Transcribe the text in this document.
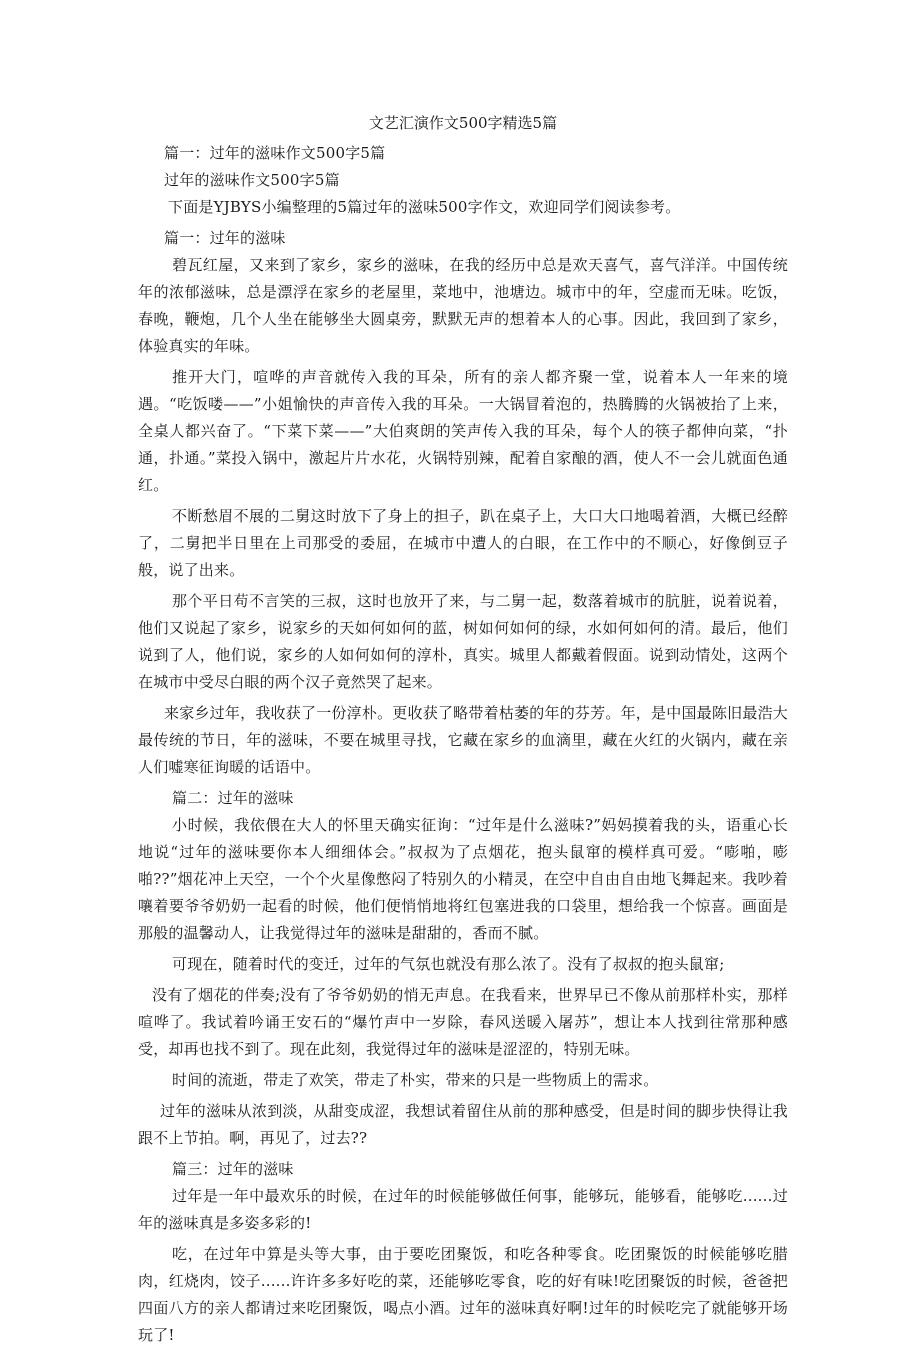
文艺汇演作文500字精选5篇

篇一：过年的滋味作文500字5篇

过年的滋味作文500字5篇

下面是YJBYS小编整理的5篇过年的滋味500字作文，欢迎同学们阅读参考。

篇一：过年的滋味

碧瓦红屋，又来到了家乡，家乡的滋味，在我的经历中总是欢天喜气，喜气洋洋。中国传统年的浓郁滋味，总是漂浮在家乡的老屋里，菜地中，池塘边。城市中的年，空虚而无味。吃饭，春晚，鞭炮，几个人坐在能够坐大圆桌旁，默默无声的想着本人的心事。因此，我回到了家乡，体验真实的年味。

推开大门，喧哗的声音就传入我的耳朵，所有的亲人都齐聚一堂，说着本人一年来的境遇。“吃饭喽——”小姐愉快的声音传入我的耳朵。一大锅冒着泡的，热腾腾的火锅被抬了上来，全桌人都兴奋了。“下菜下菜——”大伯爽朗的笑声传入我的耳朵，每个人的筷子都伸向菜，“扑通，扑通。”菜投入锅中，激起片片水花，火锅特别辣，配着自家酿的酒，使人不一会儿就面色通红。

不断愁眉不展的二舅这时放下了身上的担子，趴在桌子上，大口大口地喝着酒，大概已经醉了，二舅把半日里在上司那受的委屈，在城市中遭人的白眼，在工作中的不顺心，好像倒豆子般，说了出来。

那个平日苟不言笑的三叔，这时也放开了来，与二舅一起，数落着城市的肮脏，说着说着，他们又说起了家乡，说家乡的天如何如何的蓝，树如何如何的绿，水如何如何的清。最后，他们说到了人，他们说，家乡的人如何如何的淳朴，真实。城里人都戴着假面。说到动情处，这两个在城市中受尽白眼的两个汉子竟然哭了起来。

来家乡过年，我收获了一份淳朴。更收获了略带着枯萎的年的芬芳。年，是中国最陈旧最浩大最传统的节日，年的滋味，不要在城里寻找，它藏在家乡的血滴里，藏在火红的火锅内，藏在亲人们嘘寒征询暖的话语中。

篇二：过年的滋味

小时候，我依偎在大人的怀里天确实征询：“过年是什么滋味?”妈妈摸着我的头，语重心长地说“过年的滋味要你本人细细体会。”叔叔为了点烟花，抱头鼠窜的模样真可爱。“嘭啪，嘭啪??”烟花冲上天空，一个个火星像憋闷了特别久的小精灵，在空中自由自由地飞舞起来。我吵着嚷着要爷爷奶奶一起看的时候，他们便悄悄地将红包塞进我的口袋里，想给我一个惊喜。画面是那般的温馨动人，让我觉得过年的滋味是甜甜的，香而不腻。

可现在，随着时代的变迁，过年的气氛也就没有那么浓了。没有了叔叔的抱头鼠窜;

没有了烟花的伴奏;没有了爷爷奶奶的悄无声息。在我看来，世界早已不像从前那样朴实，那样喧哗了。我试着吟诵王安石的“爆竹声中一岁除，春风送暖入屠苏”，想让本人找到往常那种感受，却再也找不到了。现在此刻，我觉得过年的滋味是涩涩的，特别无味。

时间的流逝，带走了欢笑，带走了朴实，带来的只是一些物质上的需求。

过年的滋味从浓到淡，从甜变成涩，我想试着留住从前的那种感受，但是时间的脚步快得让我跟不上节拍。啊，再见了，过去??

篇三：过年的滋味

过年是一年中最欢乐的时候，在过年的时候能够做任何事，能够玩，能够看，能够吃......过年的滋味真是多姿多彩的!

吃，在过年中算是头等大事，由于要吃团聚饭，和吃各种零食。吃团聚饭的时候能够吃腊肉，红烧肉，饺子......许许多多好吃的菜，还能够吃零食，吃的好有味!吃团聚饭的时候，爸爸把四面八方的亲人都请过来吃团聚饭，喝点小酒。过年的滋味真好啊!过年的时候吃完了就能够开场玩了!
